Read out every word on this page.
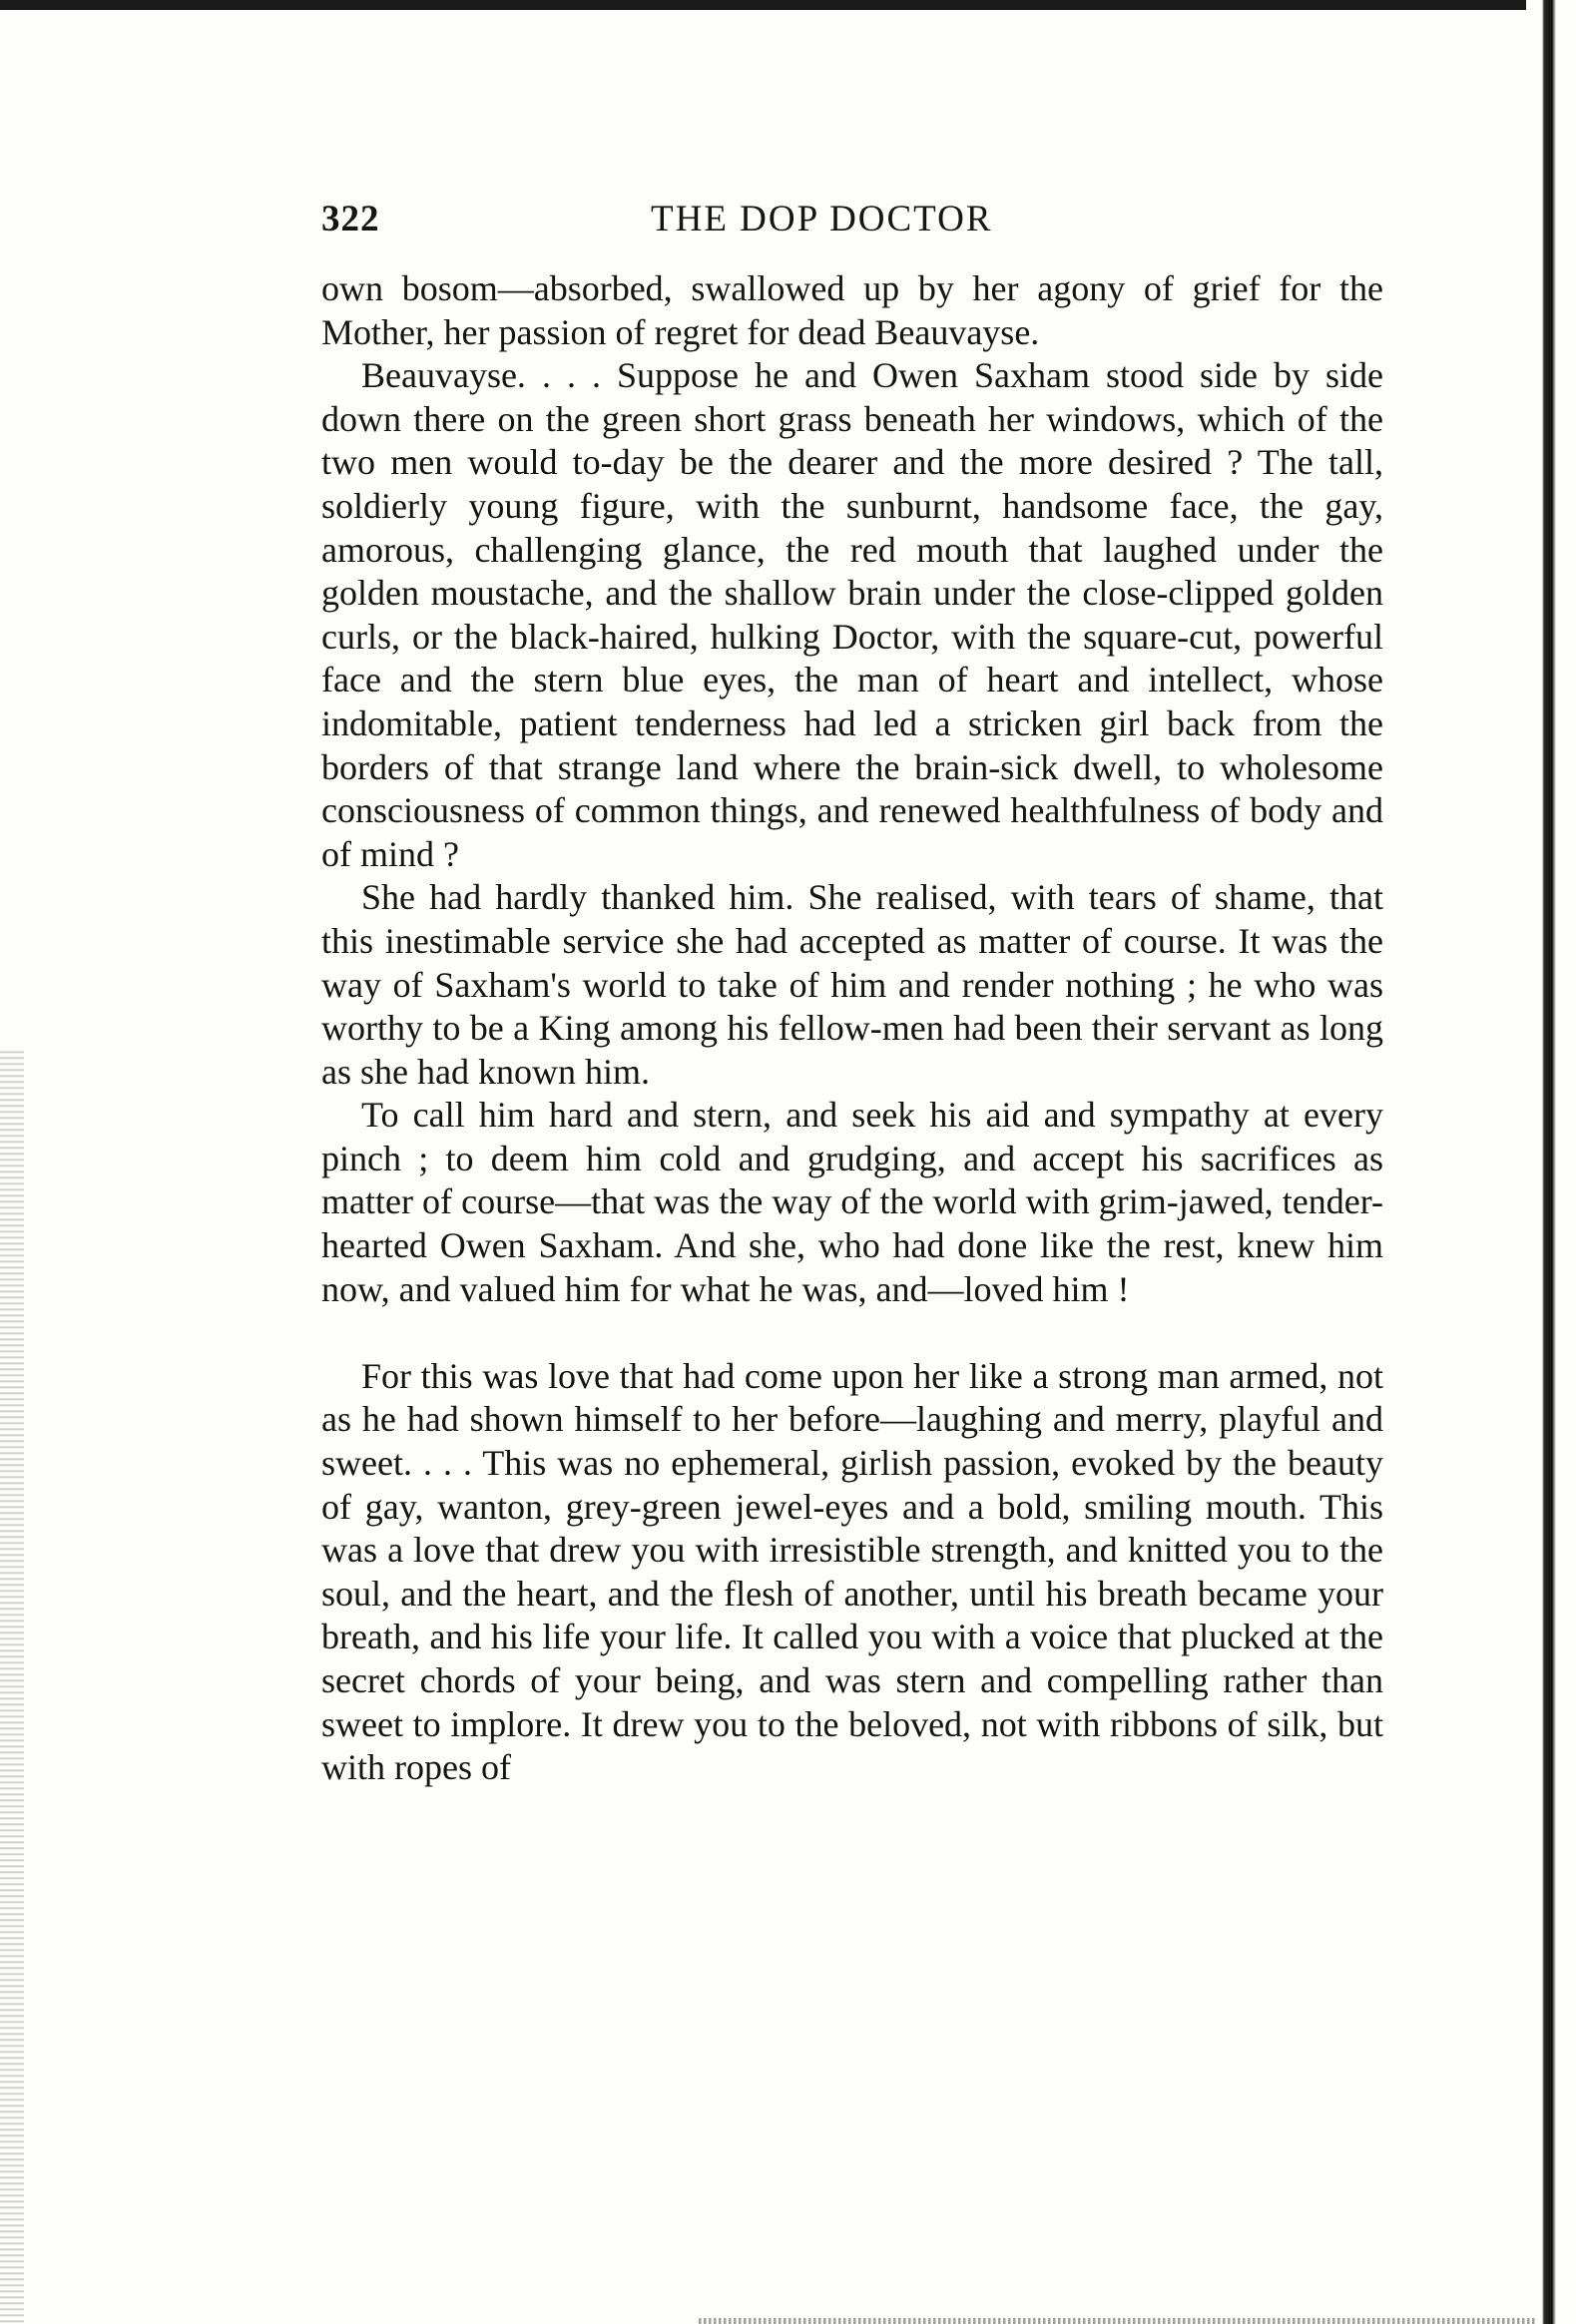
322	THE DOP DOCTOR

own bosom—absorbed, swallowed up by her agony of grief for the Mother, her passion of regret for dead Beauvayse.

Beauvayse. . . . Suppose he and Owen Saxham stood side by side down there on the green short grass beneath her windows, which of the two men would to-day be the dearer and the more desired ? The tall, soldierly young figure, with the sunburnt, handsome face, the gay, amorous, challenging glance, the red mouth that laughed under the golden moustache, and the shallow brain under the close-clipped golden curls, or the black-haired, hulking Doctor, with the square-cut, powerful face and the stern blue eyes, the man of heart and intellect, whose indomitable, patient tenderness had led a stricken girl back from the borders of that strange land where the brain-sick dwell, to wholesome consciousness of common things, and renewed healthfulness of body and of mind ?

She had hardly thanked him. She realised, with tears of shame, that this inestimable service she had accepted as matter of course. It was the way of Saxham's world to take of him and render nothing ; he who was worthy to be a King among his fellow-men had been their servant as long as she had known him.

To call him hard and stern, and seek his aid and sympathy at every pinch ; to deem him cold and grudging, and accept his sacrifices as matter of course—that was the way of the world with grim-jawed, tender-hearted Owen Saxham. And she, who had done like the rest, knew him now, and valued him for what he was, and—loved him !

For this was love that had come upon her like a strong man armed, not as he had shown himself to her before—laughing and merry, playful and sweet. . . . This was no ephemeral, girlish passion, evoked by the beauty of gay, wanton, grey-green jewel-eyes and a bold, smiling mouth. This was a love that drew you with irresistible strength, and knitted you to the soul, and the heart, and the flesh of another, until his breath became your breath, and his life your life. It called you with a voice that plucked at the secret chords of your being, and was stern and compelling rather than sweet to implore. It drew you to the beloved, not with ribbons of silk, but with ropes of
